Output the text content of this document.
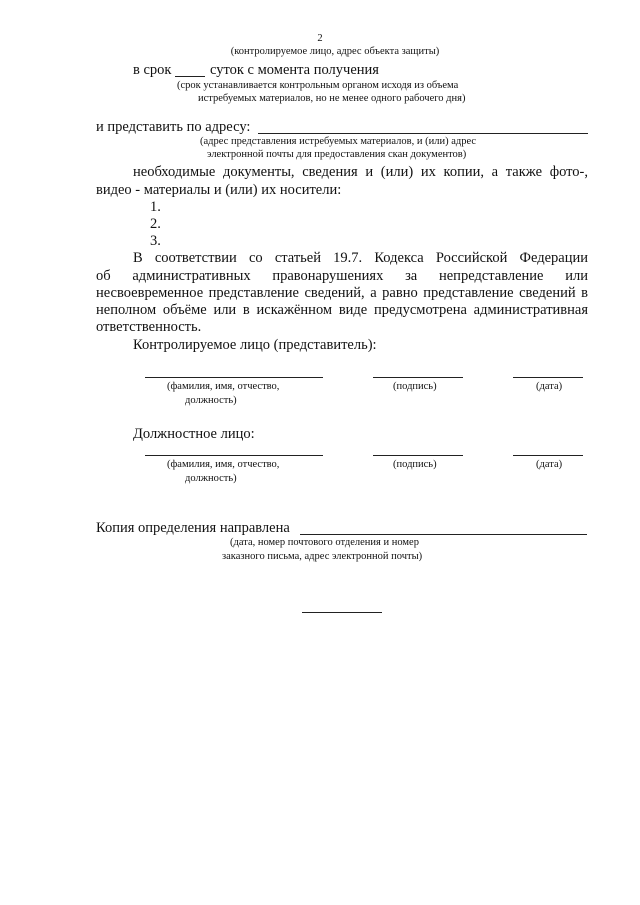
2
(контролируемое лицо, адрес объекта защиты)
в срок	суток с момента получения
(срок устанавливается контрольным органом исходя из объема
истребуемых материалов, но не менее одного рабочего дня)
и представить по адресу:
(адрес представления истребуемых материалов, и (или) адрес
электронной почты для предоставления скан документов)
необходимые документы, сведения и (или) их копии, а также фото-,
видео - материалы и (или) их носители:
1.
2.
3.
В соответствии со статьей 19.7. Кодекса Российской Федерации
об административных правонарушениях за непредставление или
несвоевременное представление сведений, а равно представление сведений в
неполном объёме или в искажённом виде предусмотрена административная
ответственность.
Контролируемое лицо (представитель):
(фамилия, имя, отчество,
должность)
(подпись)	(дата)
Должностное лицо:
(фамилия, имя, отчество,
должность)
(подпись)	(дата)
Копия определения направлена
(дата, номер почтового отделения и номер
заказного письма, адрес электронной почты)
